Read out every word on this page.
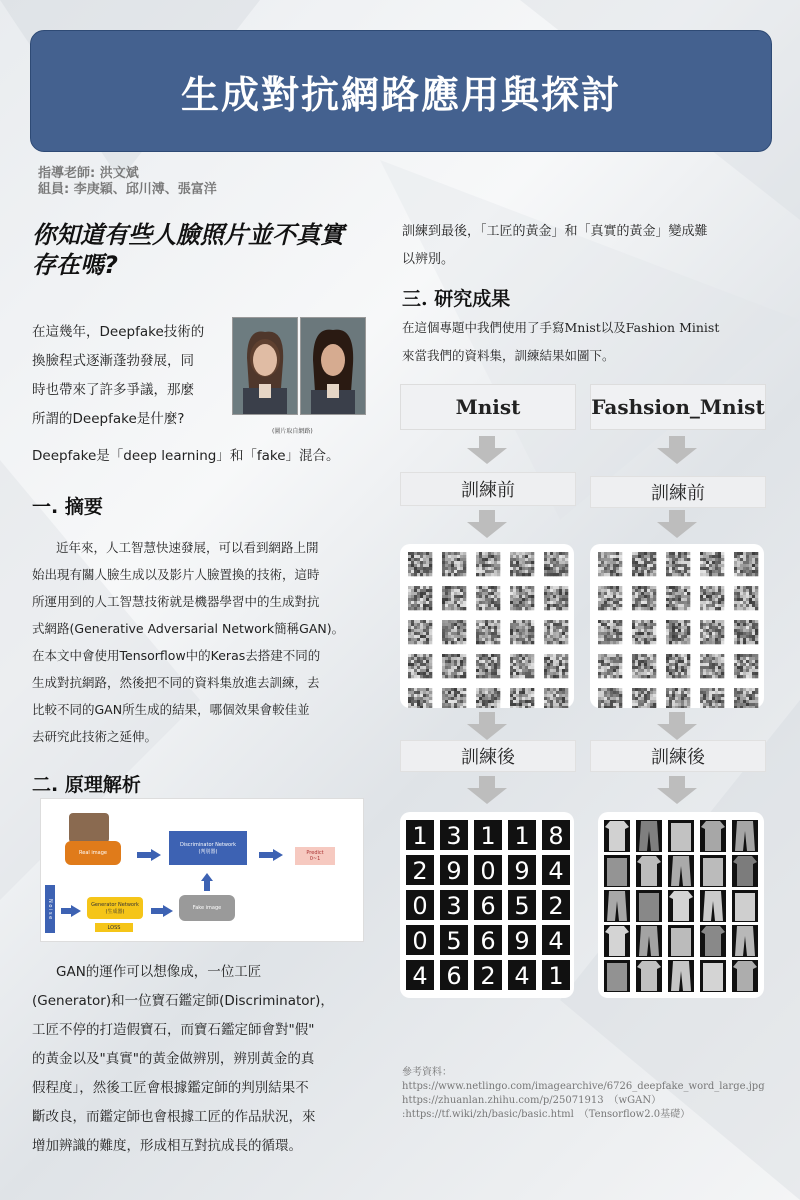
生成對抗網路應用與探討
指導老師: 洪文斌
組員: 李庚穎、邱川溥、張富洋
你知道有些人臉照片並不真實存在嗎?
在這幾年，Deepfake技術的
換臉程式逐漸蓬勃發展，同
時也帶來了許多爭議，那麼
所謂的Deepfake是什麼?
Deepfake是「deep learning」和「fake」混合。
(圖片取自網路)
一. 摘要
近年來，人工智慧快速發展，可以看到網路上開
始出現有關人臉生成以及影片人臉置換的技術，這時
所運用到的人工智慧技術就是機器學習中的生成對抗
式網路(Generative Adversarial Network簡稱GAN)。
在本文中會使用Tensorflow中的Keras去搭建不同的
生成對抗網路，然後把不同的資料集放進去訓練，去
比較不同的GAN所生成的結果，哪個效果會較佳並
去研究此技術之延伸。
二. 原理解析
Real image
Discriminator Network
(判別器)	Predict
0~1
N o i s e	Generator Network
(生成器)
LOSS
Fake image
GAN的運作可以想像成，一位工匠
(Generator)和一位寶石鑑定師(Discriminator)，
工匠不停的打造假寶石，而寶石鑑定師會對"假"
的黃金以及"真實"的黃金做辨別，辨別黃金的真
假程度」，然後工匠會根據鑑定師的判別結果不
斷改良，而鑑定師也會根據工匠的作品狀況，來
增加辨識的難度，形成相互對抗成長的循環。
訓練到最後，「工匠的黃金」和「真實的黃金」變成難
以辨別。
三. 研究成果
在這個專題中我們使用了手寫Mnist以及Fashion Minist
來當我們的資料集，訓練結果如圖下。
Mnist	Fashsion_Mnist
訓練前	訓練前
訓練後	訓練後
1 3 1 1 8
2 9 0 9 4
0 3 6 5 2
0 5 6 9 4
4 6 2 4 1
參考資料：
https://www.netlingo.com/imagearchive/6726_deepfake_word_large.jpg
https://zhuanlan.zhihu.com/p/25071913　（wGAN）
:https://tf.wiki/zh/basic/basic.html　（Tensorflow2.0基礎）
